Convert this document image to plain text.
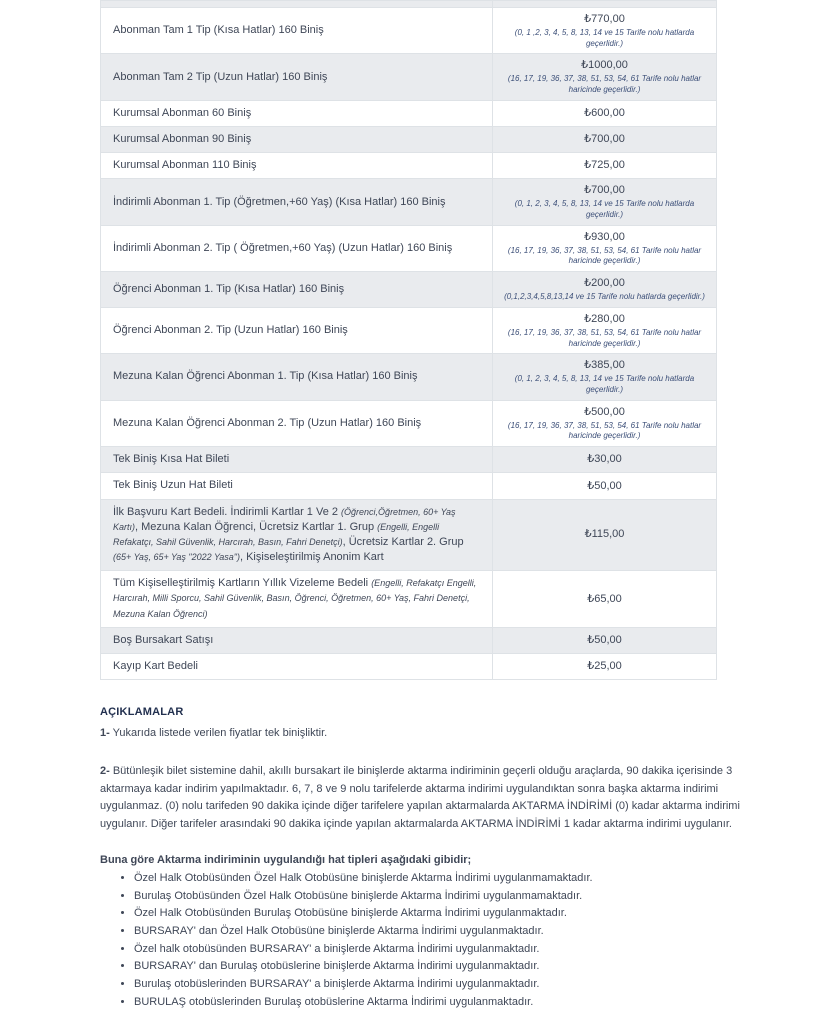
Abonman Tam 1 Tip (Kısa Hatlar) 160 Biniş	₺770,00
(0, 1 ,2, 3, 4, 5, 8, 13, 14 ve 15 Tarife nolu hatlarda geçerlidir.)

Abonman Tam 2 Tip (Uzun Hatlar) 160 Biniş	₺1000,00
(16, 17, 19, 36, 37, 38, 51, 53, 54, 61 Tarife nolu hatlar haricinde geçerlidir.)

Kurumsal Abonman 60 Biniş	₺600,00

Kurumsal Abonman 90 Biniş	₺700,00

Kurumsal Abonman 110 Biniş	₺725,00

İndirimli Abonman 1. Tip (Öğretmen,+60 Yaş) (Kısa Hatlar) 160 Biniş	₺700,00
(0, 1, 2, 3, 4, 5, 8, 13, 14 ve 15 Tarife nolu hatlarda geçerlidir.)

İndirimli Abonman 2. Tip ( Öğretmen,+60 Yaş) (Uzun Hatlar) 160 Biniş	₺930,00
(16, 17, 19, 36, 37, 38, 51, 53, 54, 61 Tarife nolu hatlar haricinde geçerlidir.)

Öğrenci Abonman 1. Tip (Kısa Hatlar) 160 Biniş	₺200,00
(0,1,2,3,4,5,8,13,14 ve 15 Tarife nolu hatlarda geçerlidir.)

Öğrenci Abonman 2. Tip (Uzun Hatlar) 160 Biniş	₺280,00
(16, 17, 19, 36, 37, 38, 51, 53, 54, 61 Tarife nolu hatlar haricinde geçerlidir.)

Mezuna Kalan Öğrenci Abonman 1. Tip (Kısa Hatlar) 160 Biniş	₺385,00
(0, 1, 2, 3, 4, 5, 8, 13, 14 ve 15 Tarife nolu hatlarda geçerlidir.)

Mezuna Kalan Öğrenci Abonman 2. Tip (Uzun Hatlar) 160 Biniş	₺500,00
(16, 17, 19, 36, 37, 38, 51, 53, 54, 61 Tarife nolu hatlar haricinde geçerlidir.)

Tek Biniş Kısa Hat Bileti	₺30,00

Tek Biniş Uzun Hat Bileti	₺50,00

İlk Başvuru Kart Bedeli. İndirimli Kartlar 1 Ve 2 (Öğrenci,Öğretmen, 60+ Yaş Kartı), Mezuna Kalan Öğrenci, Ücretsiz Kartlar 1. Grup (Engelli, Engelli Refakatçı, Sahil Güvenlik, Harcırah, Basın, Fahri Denetçi), Ücretsiz Kartlar 2. Grup (65+ Yaş, 65+ Yaş "2022 Yasa"), Kişiseleştirilmiş Anonim Kart	₺115,00

Tüm Kişiselleştirilmiş Kartların Yıllık Vizeleme Bedeli (Engelli, Refakatçı Engelli, Harcırah, Milli Sporcu, Sahil Güvenlik, Basın, Öğrenci, Öğretmen, 60+ Yaş, Fahri Denetçi, Mezuna Kalan Öğrenci)	₺65,00

Boş Bursakart Satışı	₺50,00

Kayıp Kart Bedeli	₺25,00
AÇIKLAMALAR

1- Yukarıda listede verilen fiyatlar tek binişliktir.

2- Bütünleşik bilet sistemine dahil, akıllı bursakart ile binişlerde aktarma indiriminin geçerli olduğu araçlarda, 90 dakika içerisinde 3 aktarmaya kadar indirim yapılmaktadır. 6, 7, 8 ve 9 nolu tarifelerde aktarma indirimi uygulandıktan sonra başka aktarma indirimi uygulanmaz. (0) nolu tarifeden 90 dakika içinde diğer tarifelere yapılan aktarmalarda AKTARMA İNDİRİMİ (0) kadar aktarma indirimi uygulanır. Diğer tarifeler arasındaki 90 dakika içinde yapılan aktarmalarda AKTARMA İNDİRİMİ 1 kadar aktarma indirimi uygulanır.

Buna göre Aktarma indiriminin uygulandığı hat tipleri aşağıdaki gibidir;

• Özel Halk Otobüsünden Özel Halk Otobüsüne binişlerde Aktarma İndirimi uygulanmamaktadır.
• Burulaş Otobüsünden Özel Halk Otobüsüne binişlerde Aktarma İndirimi uygulanmamaktadır.
• Özel Halk Otobüsünden Burulaş Otobüsüne binişlerde Aktarma İndirimi uygulanmaktadır.
• BURSARAY' dan Özel Halk Otobüsüne binişlerde Aktarma İndirimi uygulanmaktadır.
• Özel halk otobüsünden BURSARAY' a binişlerde Aktarma İndirimi uygulanmaktadır.
• BURSARAY' dan Burulaş otobüslerine binişlerde Aktarma İndirimi uygulanmaktadır.
• Burulaş otobüslerinden BURSARAY' a binişlerde Aktarma İndirimi uygulanmaktadır.
• BURULAŞ otobüslerinden Burulaş otobüslerine Aktarma İndirimi uygulanmaktadır.
